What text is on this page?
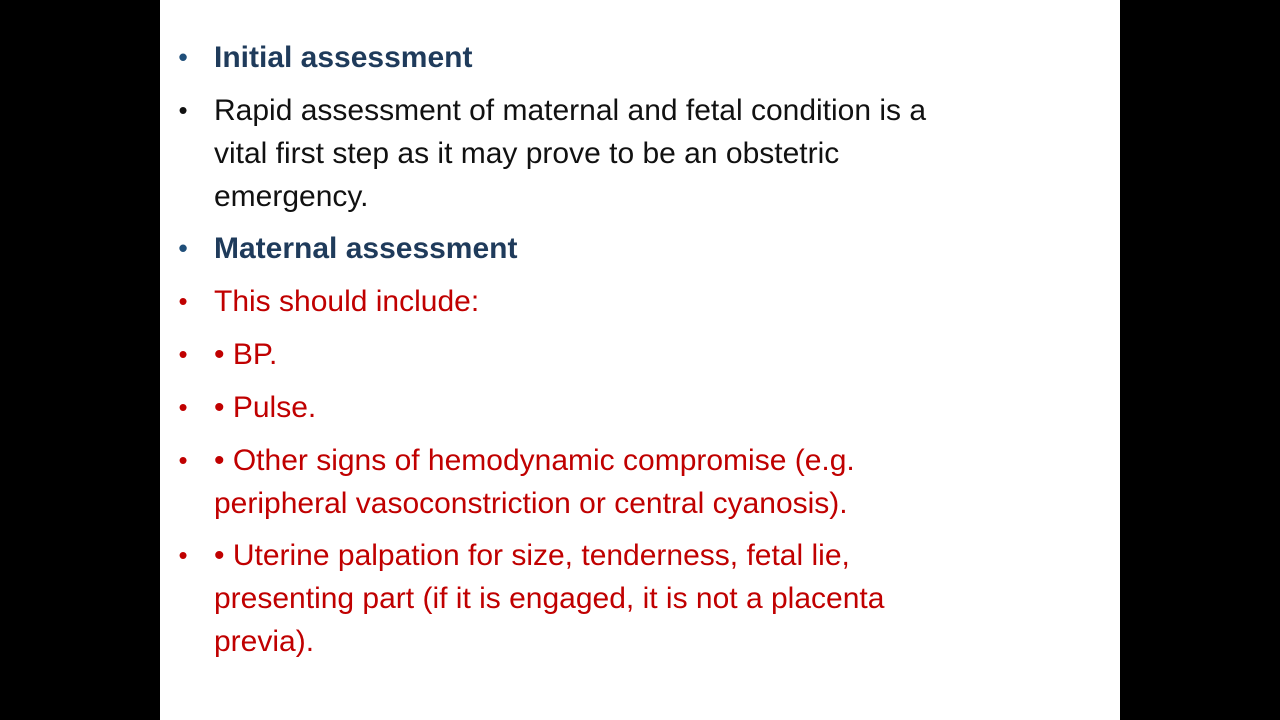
• Initial assessment
• Rapid assessment of maternal and fetal condition is a
vital first step as it may prove to be an obstetric
emergency.
• Maternal assessment
• This should include:
• • BP.
• • Pulse.
• • Other signs of hemodynamic compromise (e.g.
peripheral vasoconstriction or central cyanosis).
• • Uterine palpation for size, tenderness, fetal lie,
presenting part (if it is engaged, it is not a placenta
previa).
